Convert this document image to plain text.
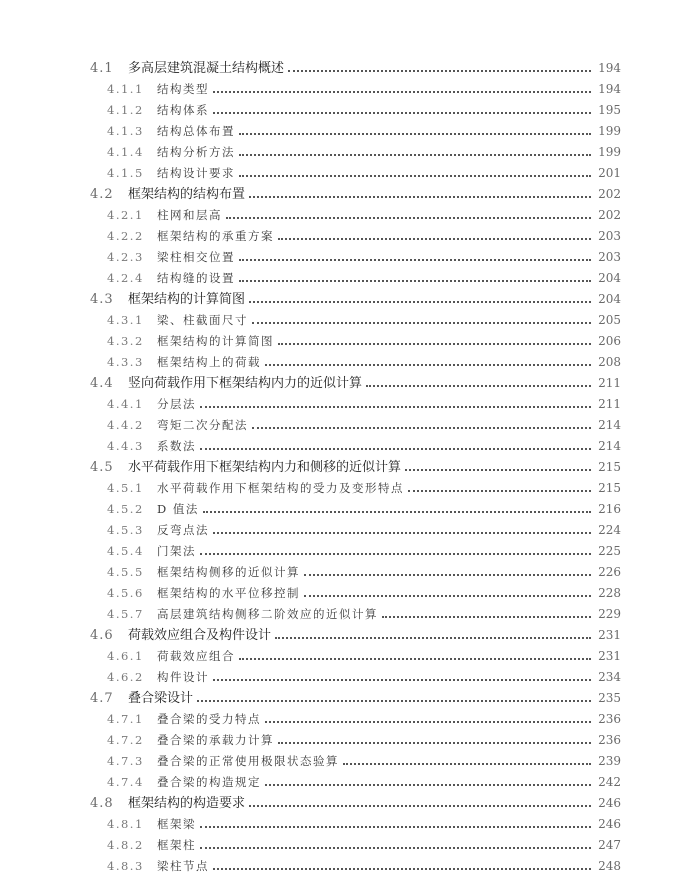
4.1	多高层建筑混凝土结构概述	194
4.1.1	结构类型	194
4.1.2	结构体系	195
4.1.3	结构总体布置	199
4.1.4	结构分析方法	199
4.1.5	结构设计要求	201
4.2	框架结构的结构布置	202
4.2.1	柱网和层高	202
4.2.2	框架结构的承重方案	203
4.2.3	梁柱相交位置	203
4.2.4	结构缝的设置	204
4.3	框架结构的计算简图	204
4.3.1	梁、柱截面尺寸	205
4.3.2	框架结构的计算简图	206
4.3.3	框架结构上的荷载	208
4.4	竖向荷载作用下框架结构内力的近似计算	211
4.4.1	分层法	211
4.4.2	弯矩二次分配法	214
4.4.3	系数法	214
4.5	水平荷载作用下框架结构内力和侧移的近似计算	215
4.5.1	水平荷载作用下框架结构的受力及变形特点	215
4.5.2	D 值法	216
4.5.3	反弯点法	224
4.5.4	门架法	225
4.5.5	框架结构侧移的近似计算	226
4.5.6	框架结构的水平位移控制	228
4.5.7	高层建筑结构侧移二阶效应的近似计算	229
4.6	荷载效应组合及构件设计	231
4.6.1	荷载效应组合	231
4.6.2	构件设计	234
4.7	叠合梁设计	235
4.7.1	叠合梁的受力特点	236
4.7.2	叠合梁的承载力计算	236
4.7.3	叠合梁的正常使用极限状态验算	239
4.7.4	叠合梁的构造规定	242
4.8	框架结构的构造要求	246
4.8.1	框架梁	246
4.8.2	框架柱	247
4.8.3	梁柱节点	248
